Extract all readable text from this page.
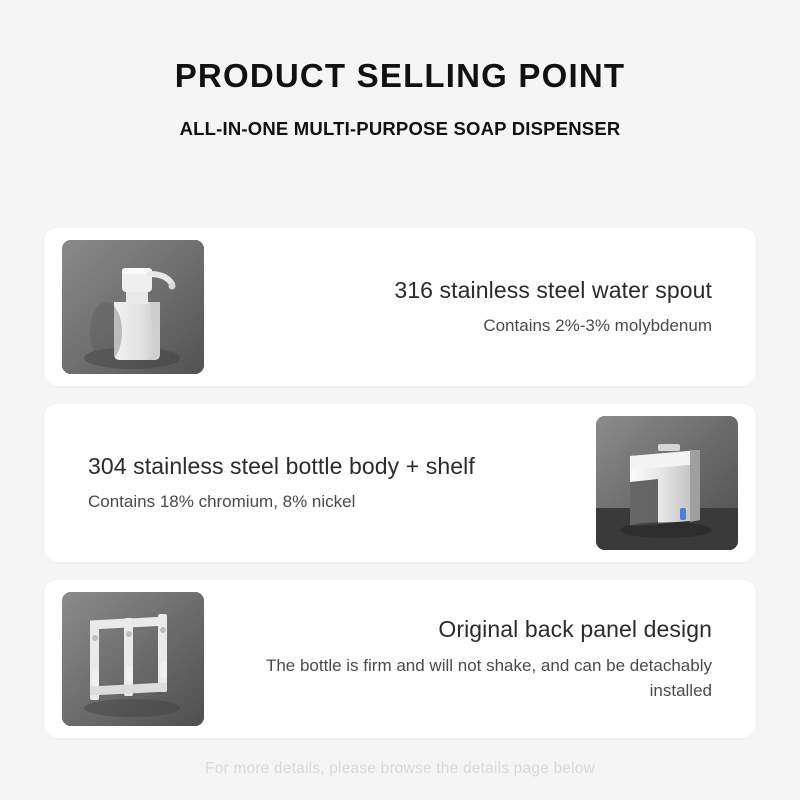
PRODUCT SELLING POINT
ALL-IN-ONE MULTI-PURPOSE SOAP DISPENSER
316 stainless steel water spout
Contains 2%-3% molybdenum
304 stainless steel bottle body + shelf
Contains 18% chromium, 8% nickel
Original back panel design
The bottle is firm and will not shake, and can be detachably installed
For more details, please browse the details page below
